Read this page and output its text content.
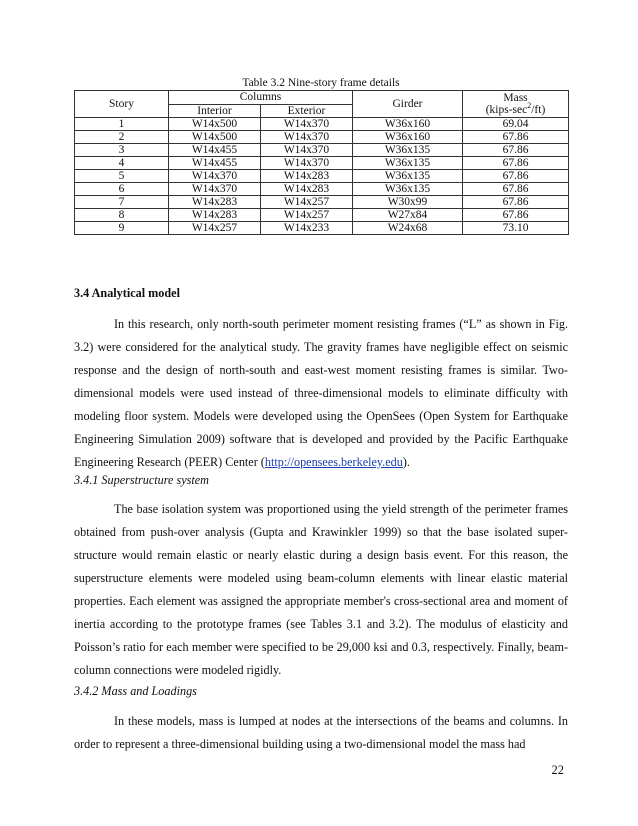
Table 3.2 Nine-story frame details
Story	Columns		Girder	Mass
$(kips-\sec^2/ft)$
	Interior	Exterior		
1	W14x500	W14x370	W36x160	69.04
2	W14x500	W14x370	W36x160	67.86
3	W14x455	W14x370	W36x135	67.86
4	W14x455	W14x370	W36x135	67.86
5	W14x370	W14x283	W36x135	67.86
6	W14x370	W14x283	W36x135	67.86
7	W14x283	W14x257	W30x99	67.86
8	W14x283	W14x257	W27x84	67.86
9	W14x257	W14x233	W24x68	73.10
3.4 Analytical model

In this research, only north-south perimeter moment resisting frames (“L” as shown in Fig. 3.2) were considered for the analytical study. The gravity frames have negligible effect on seismic response and the design of north-south and east-west moment resisting frames is similar. Two-dimensional models were used instead of three-dimensional models to eliminate difficulty with modeling floor system. Models were developed using the OpenSees (Open System for Earthquake Engineering Simulation 2009) software that is developed and provided by the Pacific Earthquake Engineering Research (PEER) Center (http://opensees.berkeley.edu).

3.4.1 Superstructure system

The base isolation system was proportioned using the yield strength of the perimeter frames obtained from push-over analysis (Gupta and Krawinkler 1999) so that the base isolated super-structure would remain elastic or nearly elastic during a design basis event. For this reason, the superstructure elements were modeled using beam-column elements with linear elastic material properties. Each element was assigned the appropriate member's cross-sectional area and moment of inertia according to the prototype frames (see Tables 3.1 and 3.2). The modulus of elasticity and Poisson’s ratio for each member were specified to be 29,000 ksi and 0.3, respectively. Finally, beam-column connections were modeled rigidly.

3.4.2 Mass and Loadings

In these models, mass is lumped at nodes at the intersections of the beams and columns. In order to represent a three-dimensional building using a two-dimensional model the mass had

22
